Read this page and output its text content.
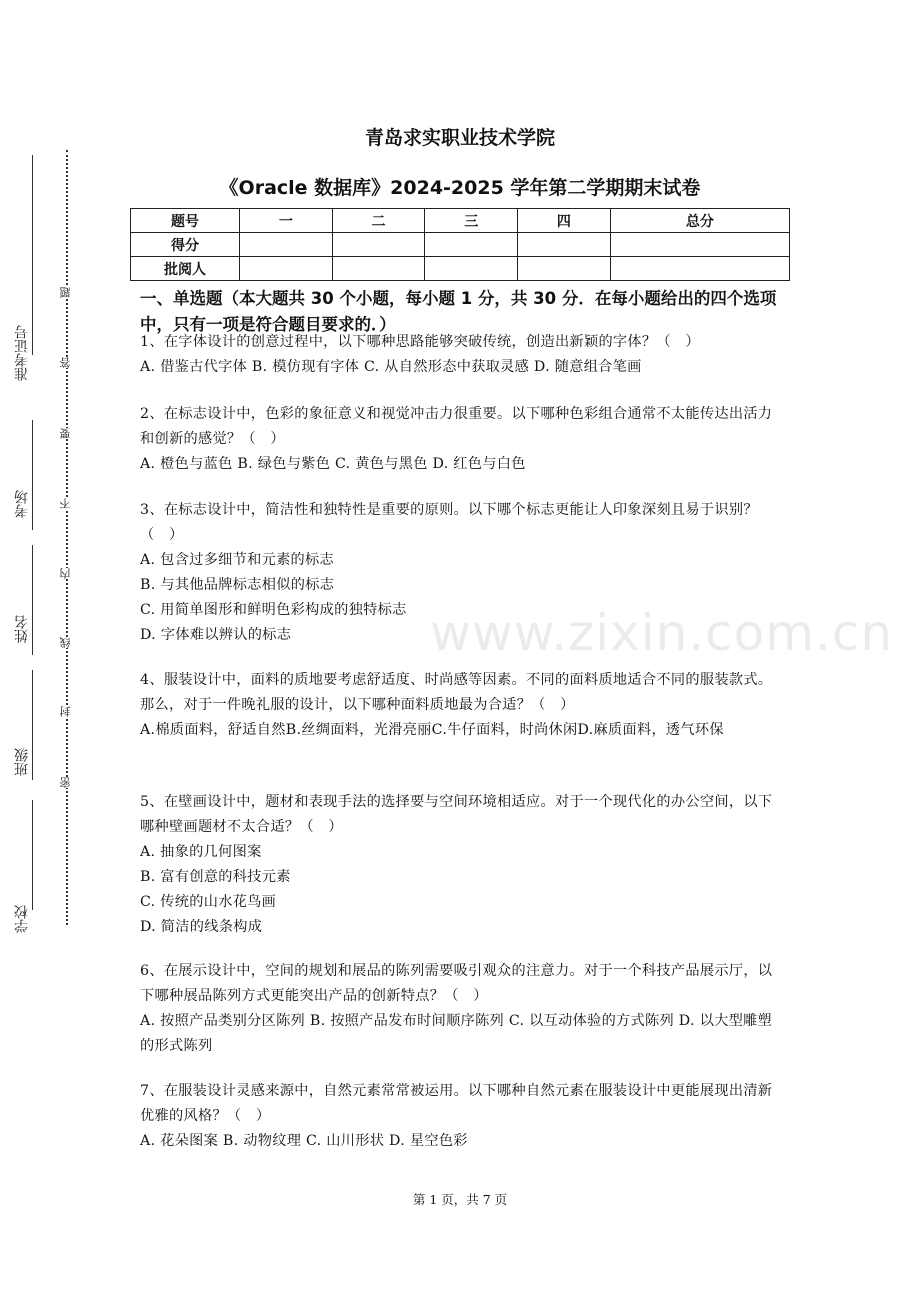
准考证号
考场
姓名
班级
学校
题
答
要
不
内
线
封
密
青岛求实职业技术学院
《Oracle 数据库》2024-2025 学年第二学期期末试卷
题号	一	二	三	四	总分
得分					
批阅人					
一、单选题（本大题共 30 个小题，每小题 1 分，共 30 分．在每小题给出的四个选项中，只有一项是符合题目要求的．）
www.zixin.com.cn

1、在字体设计的创意过程中，以下哪种思路能够突破传统，创造出新颖的字体？（　）

A. 借鉴古代字体 B. 模仿现有字体 C. 从自然形态中获取灵感 D. 随意组合笔画

2、在标志设计中，色彩的象征意义和视觉冲击力很重要。以下哪种色彩组合通常不太能传达出活力和创新的感觉？（　）

A. 橙色与蓝色 B. 绿色与紫色 C. 黄色与黑色 D. 红色与白色

3、在标志设计中，简洁性和独特性是重要的原则。以下哪个标志更能让人印象深刻且易于识别？（　）

A. 包含过多细节和元素的标志

B. 与其他品牌标志相似的标志

C. 用简单图形和鲜明色彩构成的独特标志

D. 字体难以辨认的标志

4、服装设计中，面料的质地要考虑舒适度、时尚感等因素。不同的面料质地适合不同的服装款式。那么，对于一件晚礼服的设计，以下哪种面料质地最为合适？（　）

A.棉质面料，舒适自然B.丝绸面料，光滑亮丽C.牛仔面料，时尚休闲D.麻质面料，透气环保

5、在壁画设计中，题材和表现手法的选择要与空间环境相适应。对于一个现代化的办公空间，以下哪种壁画题材不太合适？（　）

A. 抽象的几何图案

B. 富有创意的科技元素

C. 传统的山水花鸟画

D. 简洁的线条构成

6、在展示设计中，空间的规划和展品的陈列需要吸引观众的注意力。对于一个科技产品展示厅，以下哪种展品陈列方式更能突出产品的创新特点？（　）

A. 按照产品类别分区陈列 B. 按照产品发布时间顺序陈列 C. 以互动体验的方式陈列 D. 以大型雕塑的形式陈列

7、在服装设计灵感来源中，自然元素常常被运用。以下哪种自然元素在服装设计中更能展现出清新优雅的风格？（　）

A. 花朵图案 B. 动物纹理 C. 山川形状 D. 星空色彩

第 1 页，共 7 页
